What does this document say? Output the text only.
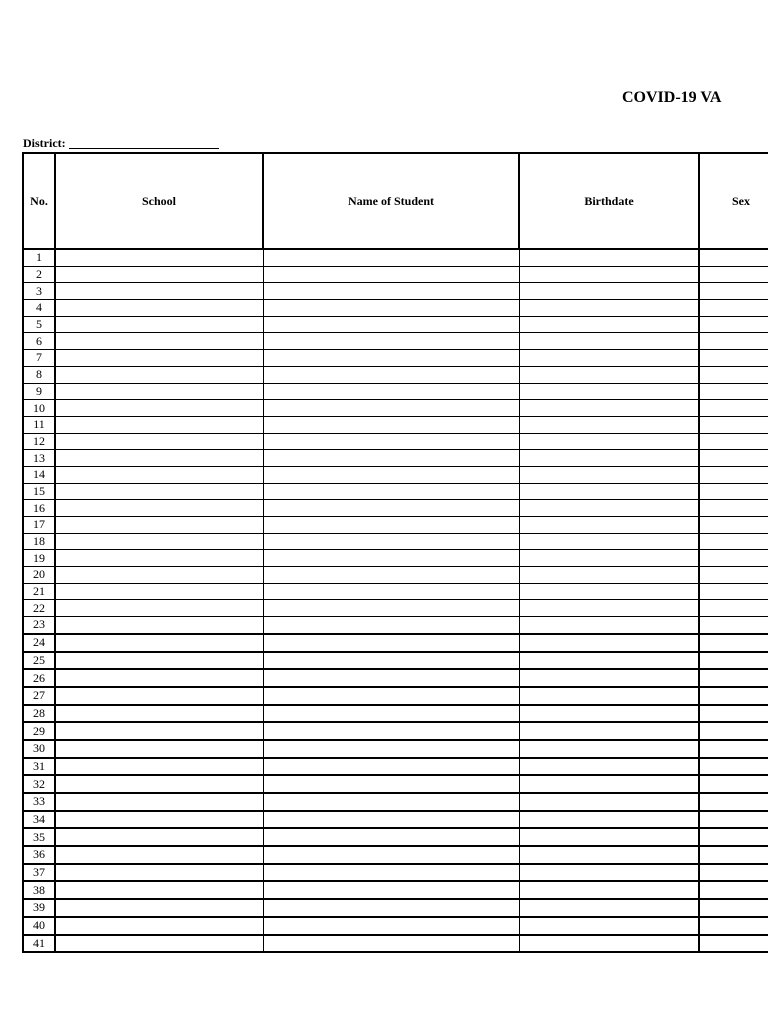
COVID-19 VA
District:
No.	School	Name of Student	Birthdate	Sex
1				
2				
3				
4				
5				
6				
7				
8				
9				
10				
11				
12				
13				
14				
15				
16				
17				
18				
19				
20				
21				
22				
23				
24				
25				
26				
27				
28				
29				
30				
31				
32				
33				
34				
35				
36				
37				
38				
39				
40				
41				
